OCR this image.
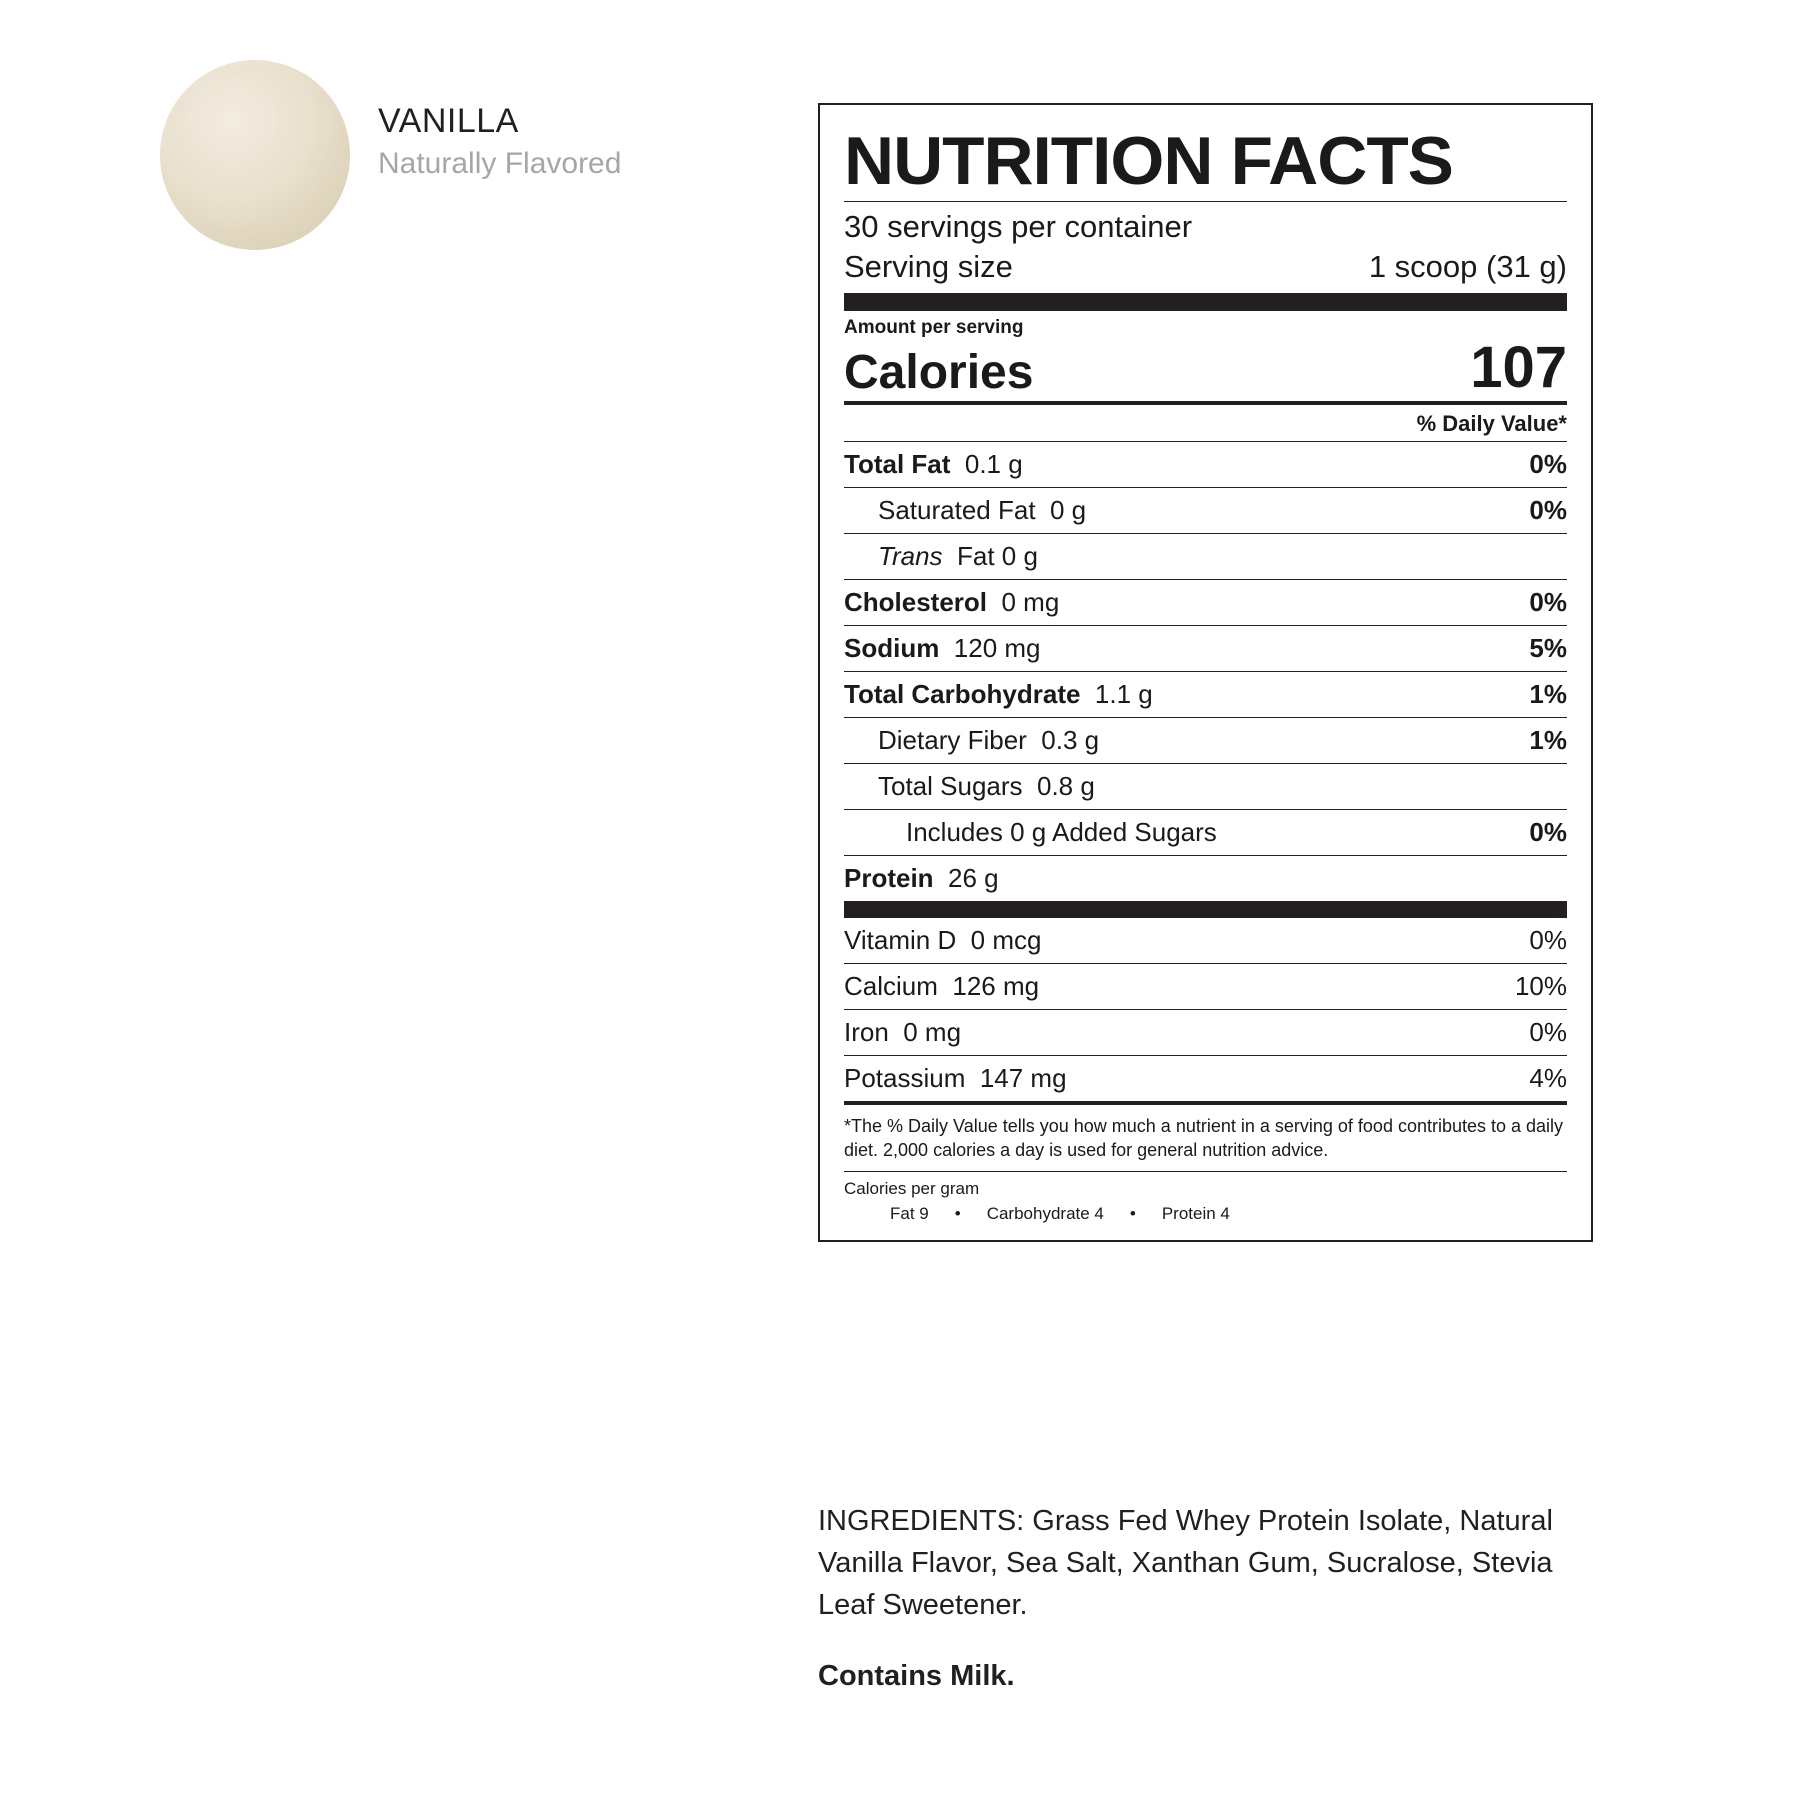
VANILLA
Naturally Flavored	NUTRITION FACTS
30 servings per container
Serving size	1 scoop (31 g)
Amount per serving
Calories	107
% Daily Value*
Total Fat  0.1 g	0%
Saturated Fat  0 g	0%
Trans  Fat 0 g
Cholesterol  0 mg	0%
Sodium  120 mg	5%
Total Carbohydrate  1.1 g	1%
Dietary Fiber  0.3 g	1%
Total Sugars  0.8 g
Includes 0 g Added Sugars	0%
Protein  26 g
Vitamin D  0 mcg	0%
Calcium  126 mg	10%
Iron  0 mg	0%
Potassium  147 mg	4%
*The % Daily Value tells you how much a nutrient in a serving of food contributes to a daily diet. 2,000 calories a day is used for general nutrition advice.
Calories per gram
Fat 9	•	Carbohydrate 4	•	Protein 4
INGREDIENTS: Grass Fed Whey Protein Isolate, Natural Vanilla Flavor, Sea Salt, Xanthan Gum, Sucralose, Stevia Leaf Sweetener.
Contains Milk.
